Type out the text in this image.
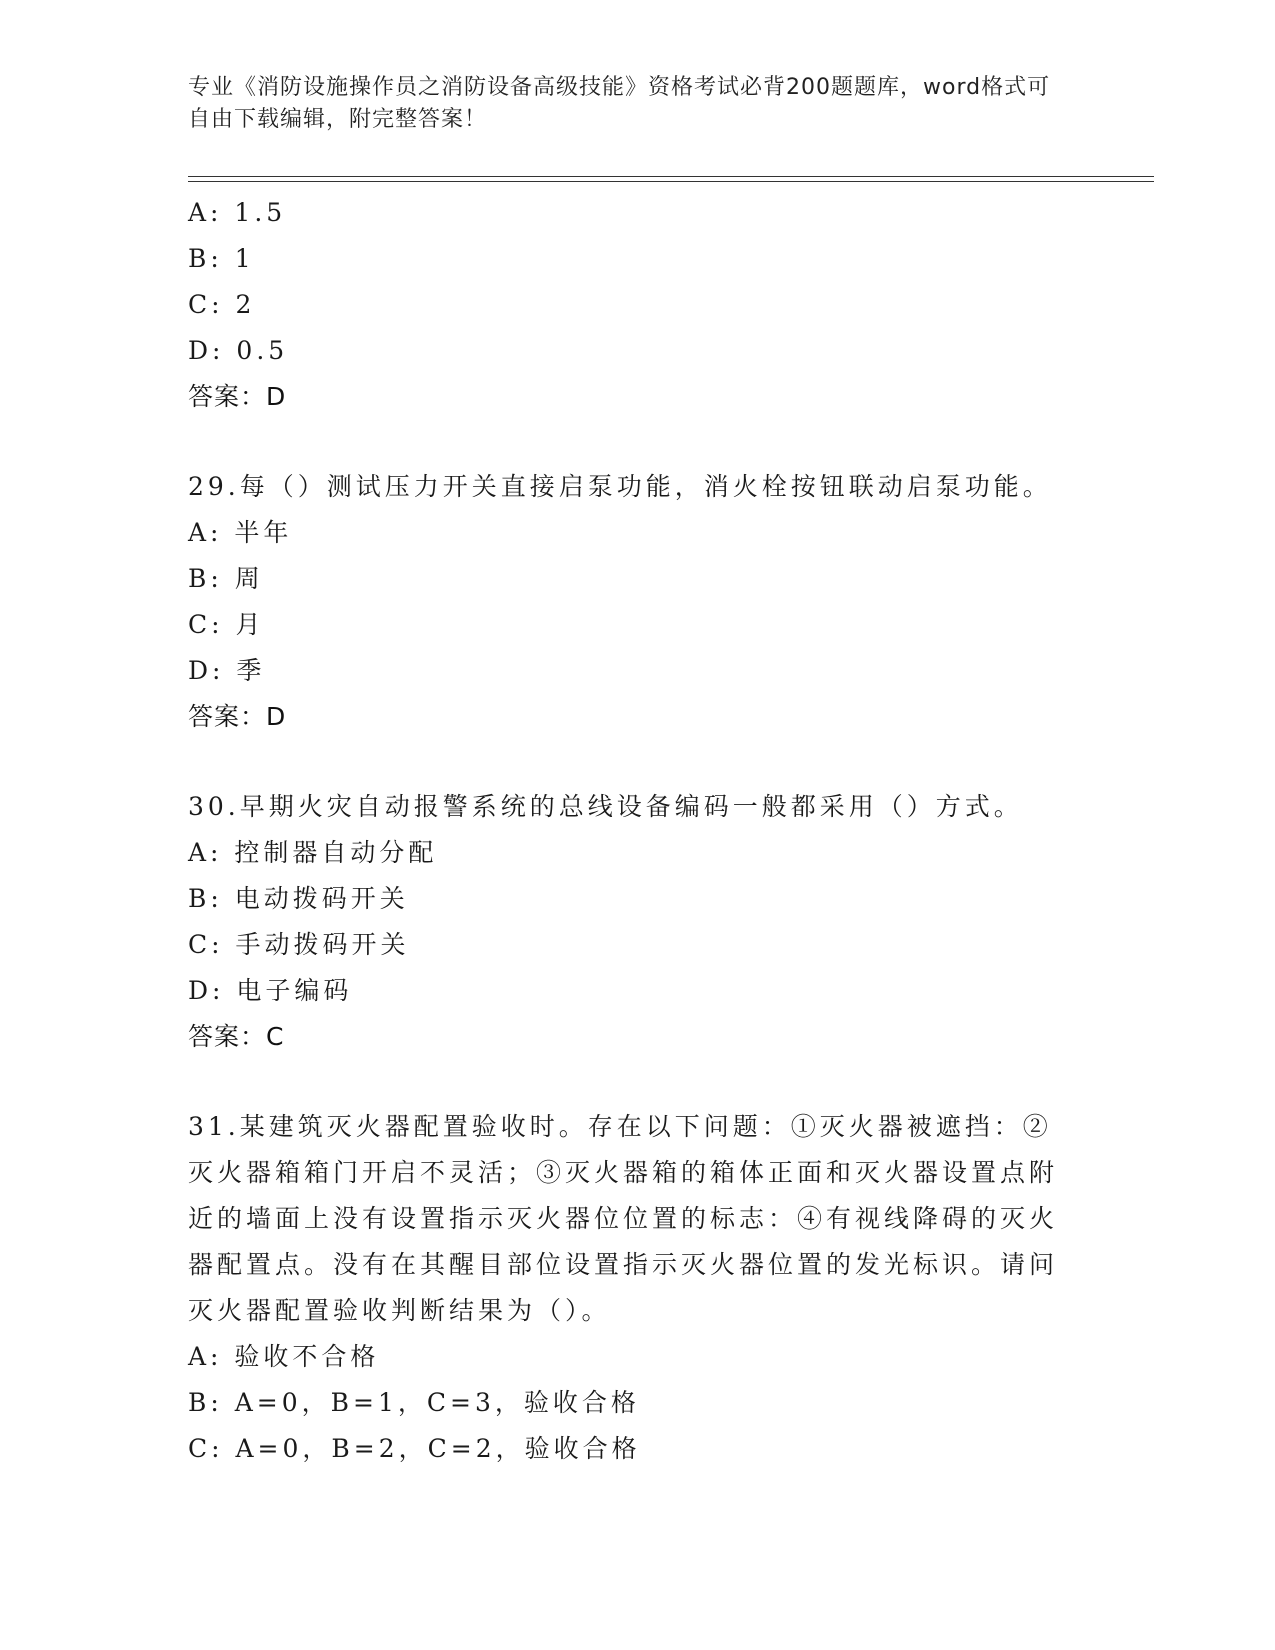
专业《消防设施操作员之消防设备高级技能》资格考试必背200题题库，word格式可自由下载编辑，附完整答案！
A: 1.5
B: 1
C: 2
D: 0.5
答案：D
29.每（）测试压力开关直接启泵功能，消火栓按钮联动启泵功能。
A: 半年
B: 周
C: 月
D: 季
答案：D
30.早期火灾自动报警系统的总线设备编码一般都采用（）方式。
A: 控制器自动分配
B: 电动拨码开关
C: 手动拨码开关
D: 电子编码
答案：C
31.某建筑灭火器配置验收时。存在以下问题：①灭火器被遮挡：②灭火器箱箱门开启不灵活；③灭火器箱的箱体正面和灭火器设置点附近的墙面上没有设置指示灭火器位位置的标志：④有视线降碍的灭火器配置点。没有在其醒目部位设置指示灭火器位置的发光标识。请问灭火器配置验收判断结果为（）。
A: 验收不合格
B: A=0，B=1，C=3，验收合格
C: A=0，B=2，C=2，验收合格
